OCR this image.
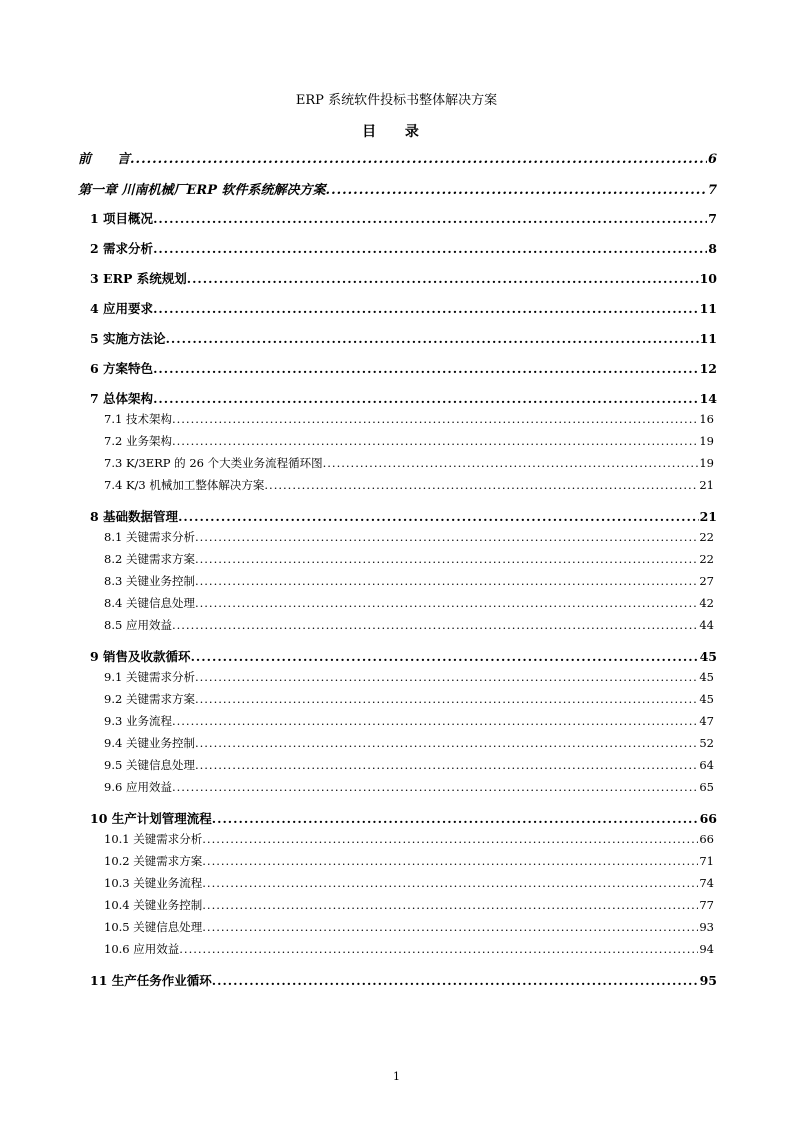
ERP 系统软件投标书整体解决方案
目 录
前　　言 .....	6
第一章 川南机械厂ERP 软件系统解决方案 .....	7
1 项目概况 .....	7
2 需求分析 .....	8
3 ERP 系统规划 .....	10
4 应用要求 .....	11
5 实施方法论 .....	11
6 方案特色 .....	12
7 总体架构 .....	14
7.1 技术架构 .....	16
7.2 业务架构 .....	19
7.3 K/3ERP 的 26 个大类业务流程循环图 .....	19
7.4 K/3 机械加工整体解决方案 .....	21
8 基础数据管理 .....	21
8.1 关键需求分析 .....	22
8.2 关键需求方案 .....	22
8.3 关键业务控制 .....	27
8.4 关键信息处理 .....	42
8.5 应用效益 .....	44
9 销售及收款循环 .....	45
9.1 关键需求分析 .....	45
9.2 关键需求方案 .....	45
9.3 业务流程 .....	47
9.4 关键业务控制 .....	52
9.5 关键信息处理 .....	64
9.6 应用效益 .....	65
10 生产计划管理流程 .....	66
10.1 关键需求分析 .....	66
10.2 关键需求方案 .....	71
10.3 关键业务流程 .....	74
10.4 关键业务控制 .....	77
10.5 关键信息处理 .....	93
10.6 应用效益 .....	94
11 生产任务作业循环 .....	95
1
